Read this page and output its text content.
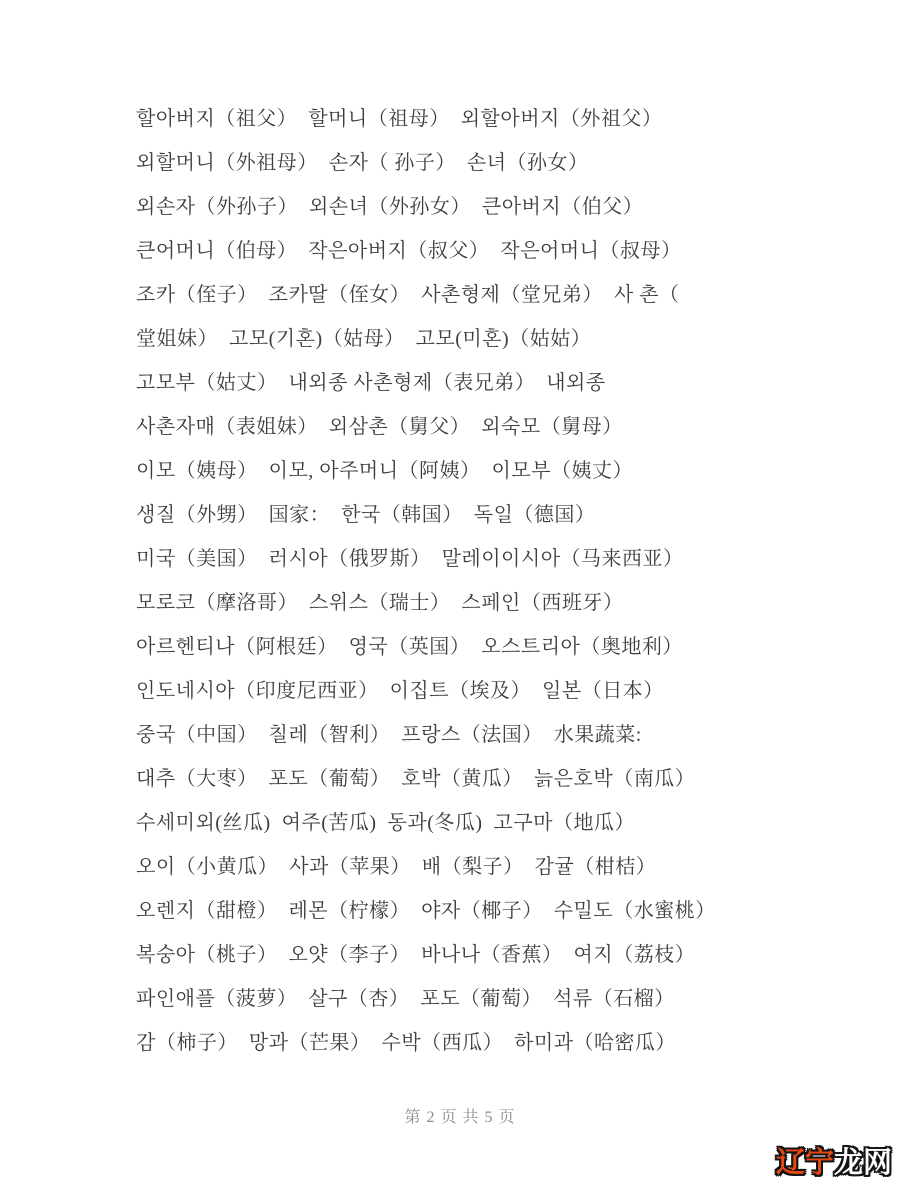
할아버지（祖父）  할머니（祖母）  외할아버지（外祖父）
외할머니（外祖母）  손자（ 孙子）  손녀（孙女）
외손자（外孙子）  외손녀（外孙女）  큰아버지（伯父）
큰어머니（伯母）  작은아버지（叔父）  작은어머니（叔母）
조카（侄子）  조카딸（侄女）  사촌형제（堂兄弟）  사 촌（
堂姐妹）  고모(기혼)（姑母）  고모(미혼)（姑姑）
고모부（姑丈）  내외종 사촌형제（表兄弟）  내외종
사촌자매（表姐妹）  외삼촌（舅父）  외숙모（舅母）
이모（姨母）  이모, 아주머니（阿姨）  이모부（姨丈）
생질（外甥）  国家：  한국（韩国）  독일（德国）
미국（美国）  러시아（俄罗斯）  말레이이시아（马来西亚）
모로코（摩洛哥）  스위스（瑞士）  스페인（西班牙）
아르헨티나（阿根廷）  영국（英国）  오스트리아（奥地利）
인도네시아（印度尼西亚）  이집트（埃及）  일본（日本）
중국（中国）  칠레（智利）  프랑스（法国）  水果蔬菜:
대추（大枣）  포도（葡萄）  호박（黄瓜）  늙은호박（南瓜）
수세미외(丝瓜)  여주(苦瓜)  동과(冬瓜)  고구마（地瓜）
오이（小黄瓜）  사과（苹果）  배（梨子）  감귤（柑桔）
오렌지（甜橙）  레몬（柠檬）  야자（椰子）  수밀도（水蜜桃）
복숭아（桃子）  오얏（李子）  바나나（香蕉）  여지（荔枝）
파인애플（菠萝）  살구（杏）  포도（葡萄）  석류（石榴）
감（柿子）  망과（芒果）  수박（西瓜）  하미과（哈密瓜）
第 2 页 共 5 页
辽宁龙网
